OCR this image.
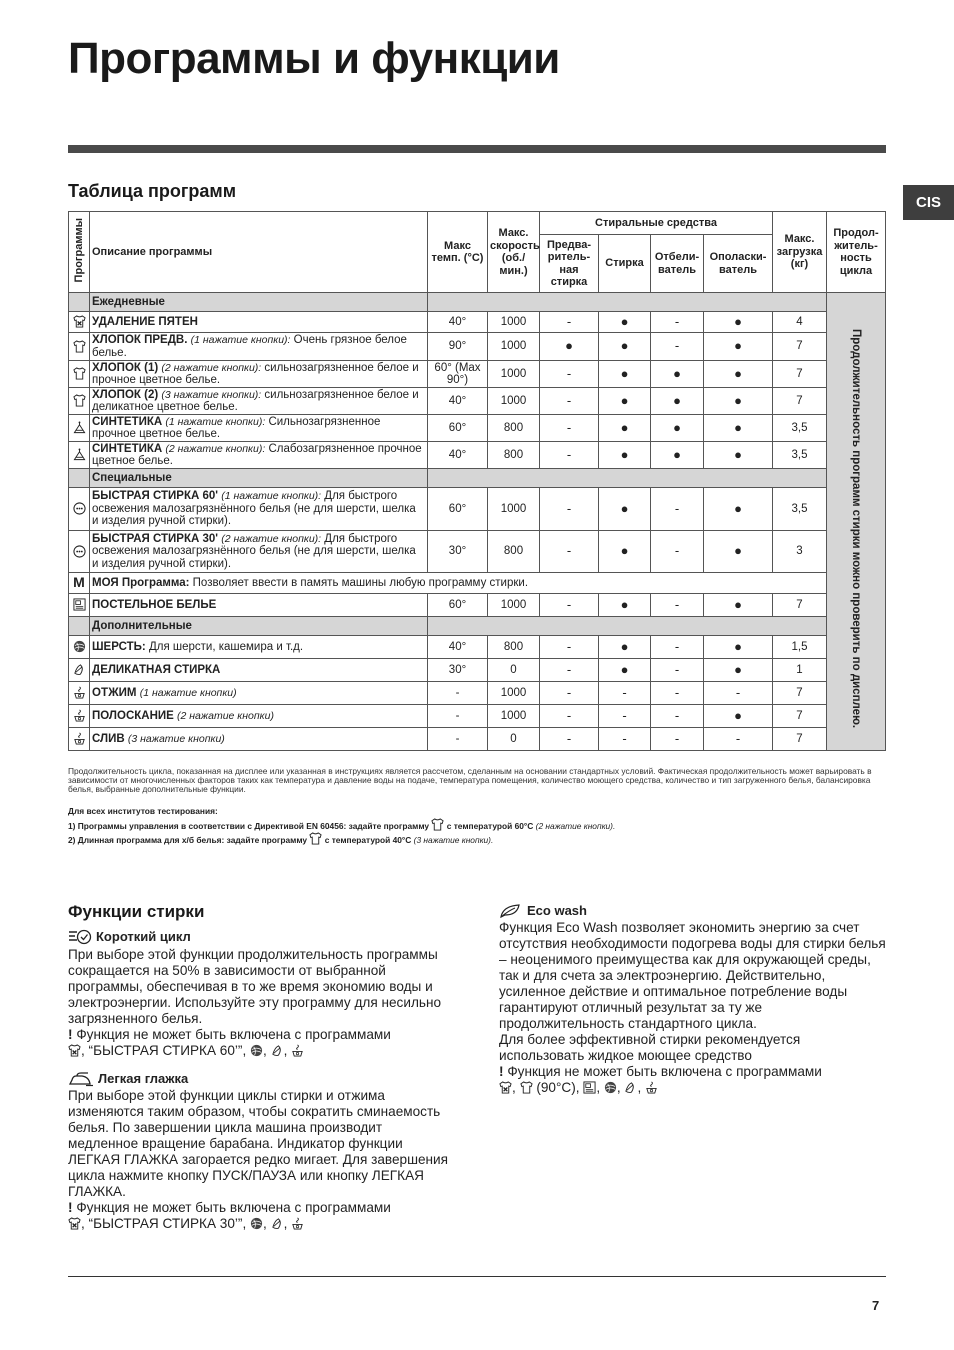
Программы и функции
CIS
Таблица программ
Программы	Описание программы	Макс темп. (°C)	Макс. скорость (об./ мин.)	Стиральные средства				Макс. загрузка (кг)	Продол- житель- ность цикла
				Предва- ритель- ная стирка	Стирка	Отбели- ватель	Ополаски- ватель		
	Ежедневные								Продолжительность программ стирки можно проверить по дисплею.
	УДАЛЕНИЕ ПЯТЕН	40°	1000	-	●	-	●	4	
	ХЛОПОК ПРЕДВ. (1 нажатие кнопки): Очень грязное белое белье.	90°	1000	●	●	-	●	7	
	ХЛОПОК (1) (2 нажатие кнопки): сильнозагрязненное белое и прочное цветное белье.	60° (Max 90°)	1000	-	●	●	●	7	
	ХЛОПОК (2) (3 нажатие кнопки): сильнозагрязненное белое и деликатное цветное белье.	40°	1000	-	●	●	●	7	
	СИНТЕТИКА (1 нажатие кнопки): Сильнозагрязненное прочное цветное белье.	60°	800	-	●	●	●	3,5	
	СИНТЕТИКА (2 нажатие кнопки): Слабозагрязненное прочное цветное белье.	40°	800	-	●	●	●	3,5	
	Специальные								
	БЫСТРАЯ СТИРКА 60' (1 нажатие кнопки): Для быстрого освежения малозагрязнённого белья (не для шерсти, шелка и изделия ручной стирки).	60°	1000	-	●	-	●	3,5	
	БЫСТРАЯ СТИРКА 30' (2 нажатие кнопки): Для быстрого освежения малозагрязнённого белья (не для шерсти, шелка и изделия ручной стирки).	30°	800	-	●	-	●	3	
M	МОЯ Программа: Позволяет ввести в память машины любую программу стирки.								
	ПОСТЕЛЬНОЕ БЕЛЬЕ	60°	1000	-	●	-	●	7	
	Дополнительные								
	ШЕРСТЬ: Для шерсти, кашемира и т.д.	40°	800	-	●	-	●	1,5	
	ДЕЛИКАТНАЯ СТИРКА	30°	0	-	●	-	●	1	
	ОТЖИМ (1 нажатие кнопки)	-	1000	-	-	-	-	7	
	ПОЛОСКАНИЕ (2 нажатие кнопки)	-	1000	-	-	-	●	7	
	СЛИВ (3 нажатие кнопки)	-	0	-	-	-	-	7	
Продолжительность цикла, показанная на дисплее или указанная в инструкциях является рассчетом, сделанным на основании стандартных условий. Фактическая продолжительность может варьировать в зависимости от многочисленных факторов таких как температура и давление воды на подаче, температура помещения, количество моющего средства, количество и тип загруженного белья, балансировка белья, выбранные дополнительные функции.
Для всех институтов тестирования:
1) Программы управления в соответствии с Директивой EN 60456: задайте программу с температурой 60°C (2 нажатие кнопки).
2) Длинная программа для х/б белья: задайте программу с температурой 40°C (3 нажатие кнопки).
Функции стирки
Короткий цикл

При выборе этой функции продолжительность программы сокращается на 50% в зависимости от выбранной программы, обеспечивая в то же время экономию воды и электроэнергии. Используйте эту программу для несильно загрязненного белья.

! Функция не может быть включена с программами

, “БЫСТРАЯ СТИРКА 60’”, , ,

Легкая глажка

При выборе этой функции циклы стирки и отжима изменяются таким образом, чтобы сократить сминаемость белья. По завершении цикла машина производит медленное вращение барабана. Индикатор функции ЛЕГКАЯ ГЛАЖКА загорается редко мигает. Для завершения цикла нажмите кнопку ПУСК/ПАУЗА или кнопку ЛЕГКАЯ ГЛАЖКА.

! Функция не может быть включена с программами

, “БЫСТРАЯ СТИРКА 30’”, , ,

Eco wash

Функция Eco Wash позволяет экономить энергию за счет отсутствия необходимости подогрева воды для стирки белья – неоценимого преимущества как для окружающей среды, так и для счета за электроэнергию. Действительно, усиленное действие и оптимальное потребление воды гарантируют отличный результат за ту же продолжительность стандартного цикла.

Для более эффективной стирки рекомендуется использовать жидкое моющее средство

! Функция не может быть включена с программами

,  (90°C), , , ,

7
